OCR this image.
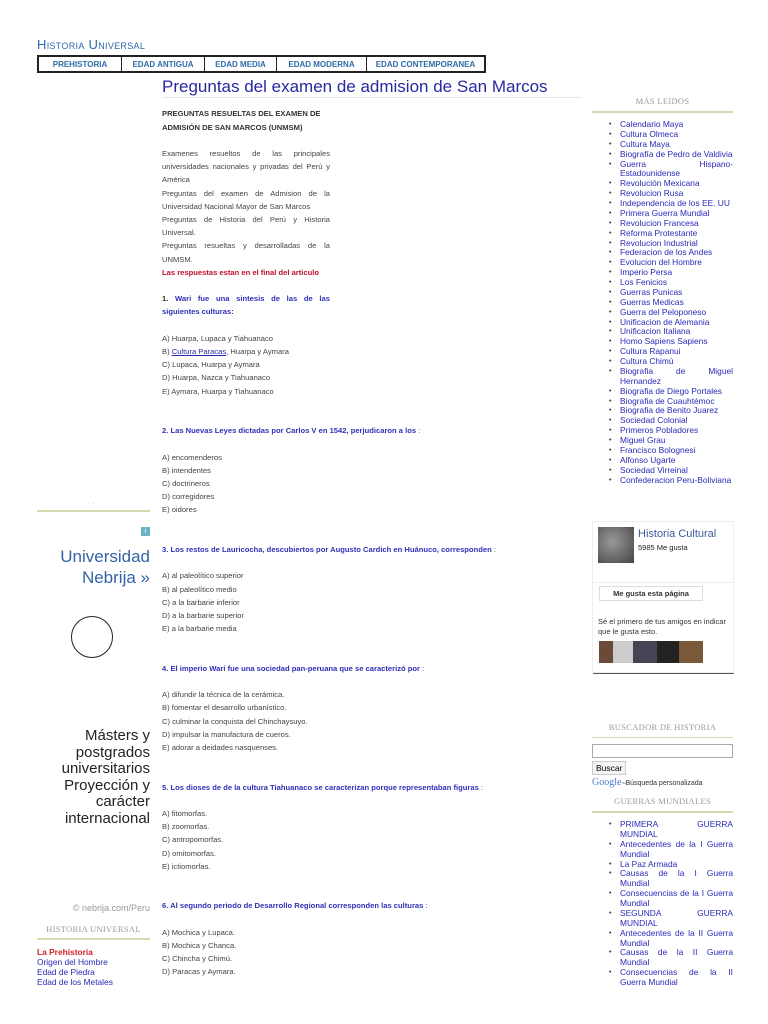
Historia Universal
PREHISTORIA	EDAD ANTIGUA	EDAD MEDIA	EDAD MODERNA	EDAD CONTEMPORANEA
Preguntas del examen de admision de San Marcos
PREGUNTAS RESUELTAS DEL EXAMEN DE
ADMISIÓN DE SAN MARCOS (UNMSM)
Examenes resueltos de las principales universidades nacionales y privadas del Perú y América
Preguntas del examen de Admision de la Universidad Nacional Mayor de San Marcos
Preguntas de Historia del Perú y Historia Universal.
Preguntas resueltas y desarrolladas de la UNMSM.
Las respuestas estan en el final del articulo
1. Wari fue una sintesis de las de las siguientes culturas:
A) Huarpa, Lupaca y Tiahuanaco
B) Cultura Paracas, Huarpa y Aymara
C) Lupaca, Huarpa y Aymara
D) Huarpa, Nazca y Tiahuanaco
E) Aymara, Huarpa y Tiahuanaco
2. Las Nuevas Leyes dictadas por Carlos V en 1542, perjudicaron a los :
A) encomenderos
B) intendentes
C) doctrineros
D) corregidores
E) oidores
3. Los restos de Lauricocha, descubiertos por Augusto Cardich en Huánuco, corresponden :
A) al paleolítico superior
B) al paleolítico medio
C) a la barbarie inferior
D) a la barbarie superior
E) a la barbarie media
4. El imperio Wari fue una sociedad pan-peruana que se caracterizó por :
A) difundir la técnica de la cerámica.
B) fomentar el desarrollo urbanístico.
C) culminar la conquista del Chinchaysuyo.
D) impulsar la manufactura de cueros.
E) adorar a deidades nasquenses.
5. Los dioses de de la cultura Tiahuanaco se caracterizan porque representaban figuras :
A) fitomorfas.
B) zoomorfas.
C) antropomorfas.
D) omitomorfas.
E) ictiomorfas.
6. Al segundo periodo de Desarrollo Regional corresponden las culturas :
A) Mochica y Lupaca.
B) Mochica y Chanca.
C) Chincha y Chimú.
D) Paracas y Aymara.
.
i
Universidad Nebrija »
Másters y postgrados universitarios Proyección y carácter internacional
© nebrija.com/Peru
HISTORIA UNIVERSAL
La Prehistoria
Origen del Hombre
Edad de Piedra
Edad de los Metales
MÁS LEIDOS
• Calendario Maya
• Cultura Olmeca
• Cultura Maya
• Biografía de Pedro de Valdivia
• Guerra Hispano-Estadounidense
• Revolución Mexicana
• Revolucion Rusa
• Independencia de los EE. UU
• Primera Guerra Mundial
• Revolucion Francesa
• Reforma Protestante
• Revolucion Industrial
• Federacion de los Andes
• Evolucion del Hombre
• Imperio Persa
• Los Fenicios
• Guerras Punicas
• Guerras Medicas
• Guerra del Peloponeso
• Unificacion de Alemania
• Unificacion Italiana
• Homo Sapiens Sapiens
• Cultura Rapanui
• Cultura Chimú
• Biografia de Miguel Hernandez
• Biografia de Diego Portales
• Biografia de Cuauhtémoc
• Biografia de Benito Juarez
• Sociedad Colonial
• Primeros Pobladores
• Miguel Grau
• Francisco Bolognesi
• Alfonso Ugarte
• Sociedad Virreinal
• Confederacion Peru-Boliviana
Historia Cultural
5985 Me gusta
Me gusta esta página
Sé el primero de tus amigos en indicar que le gusta esto.
BUSCADOR DE HISTORIA
Buscar
Google™Búsqueda personalizada
GUERRAS MUNDIALES
• PRIMERA GUERRA MUNDIAL
• Antecedentes de la I Guerra Mundial
• La Paz Armada
• Causas de la I Guerra Mundial
• Consecuencias de la I Guerra Mundial
• SEGUNDA GUERRA MUNDIAL
• Antecedentes de la II Guerra Mundial
• Causas de la II Guerra Mundial
• Consecuencias de la II Guerra Mundial
